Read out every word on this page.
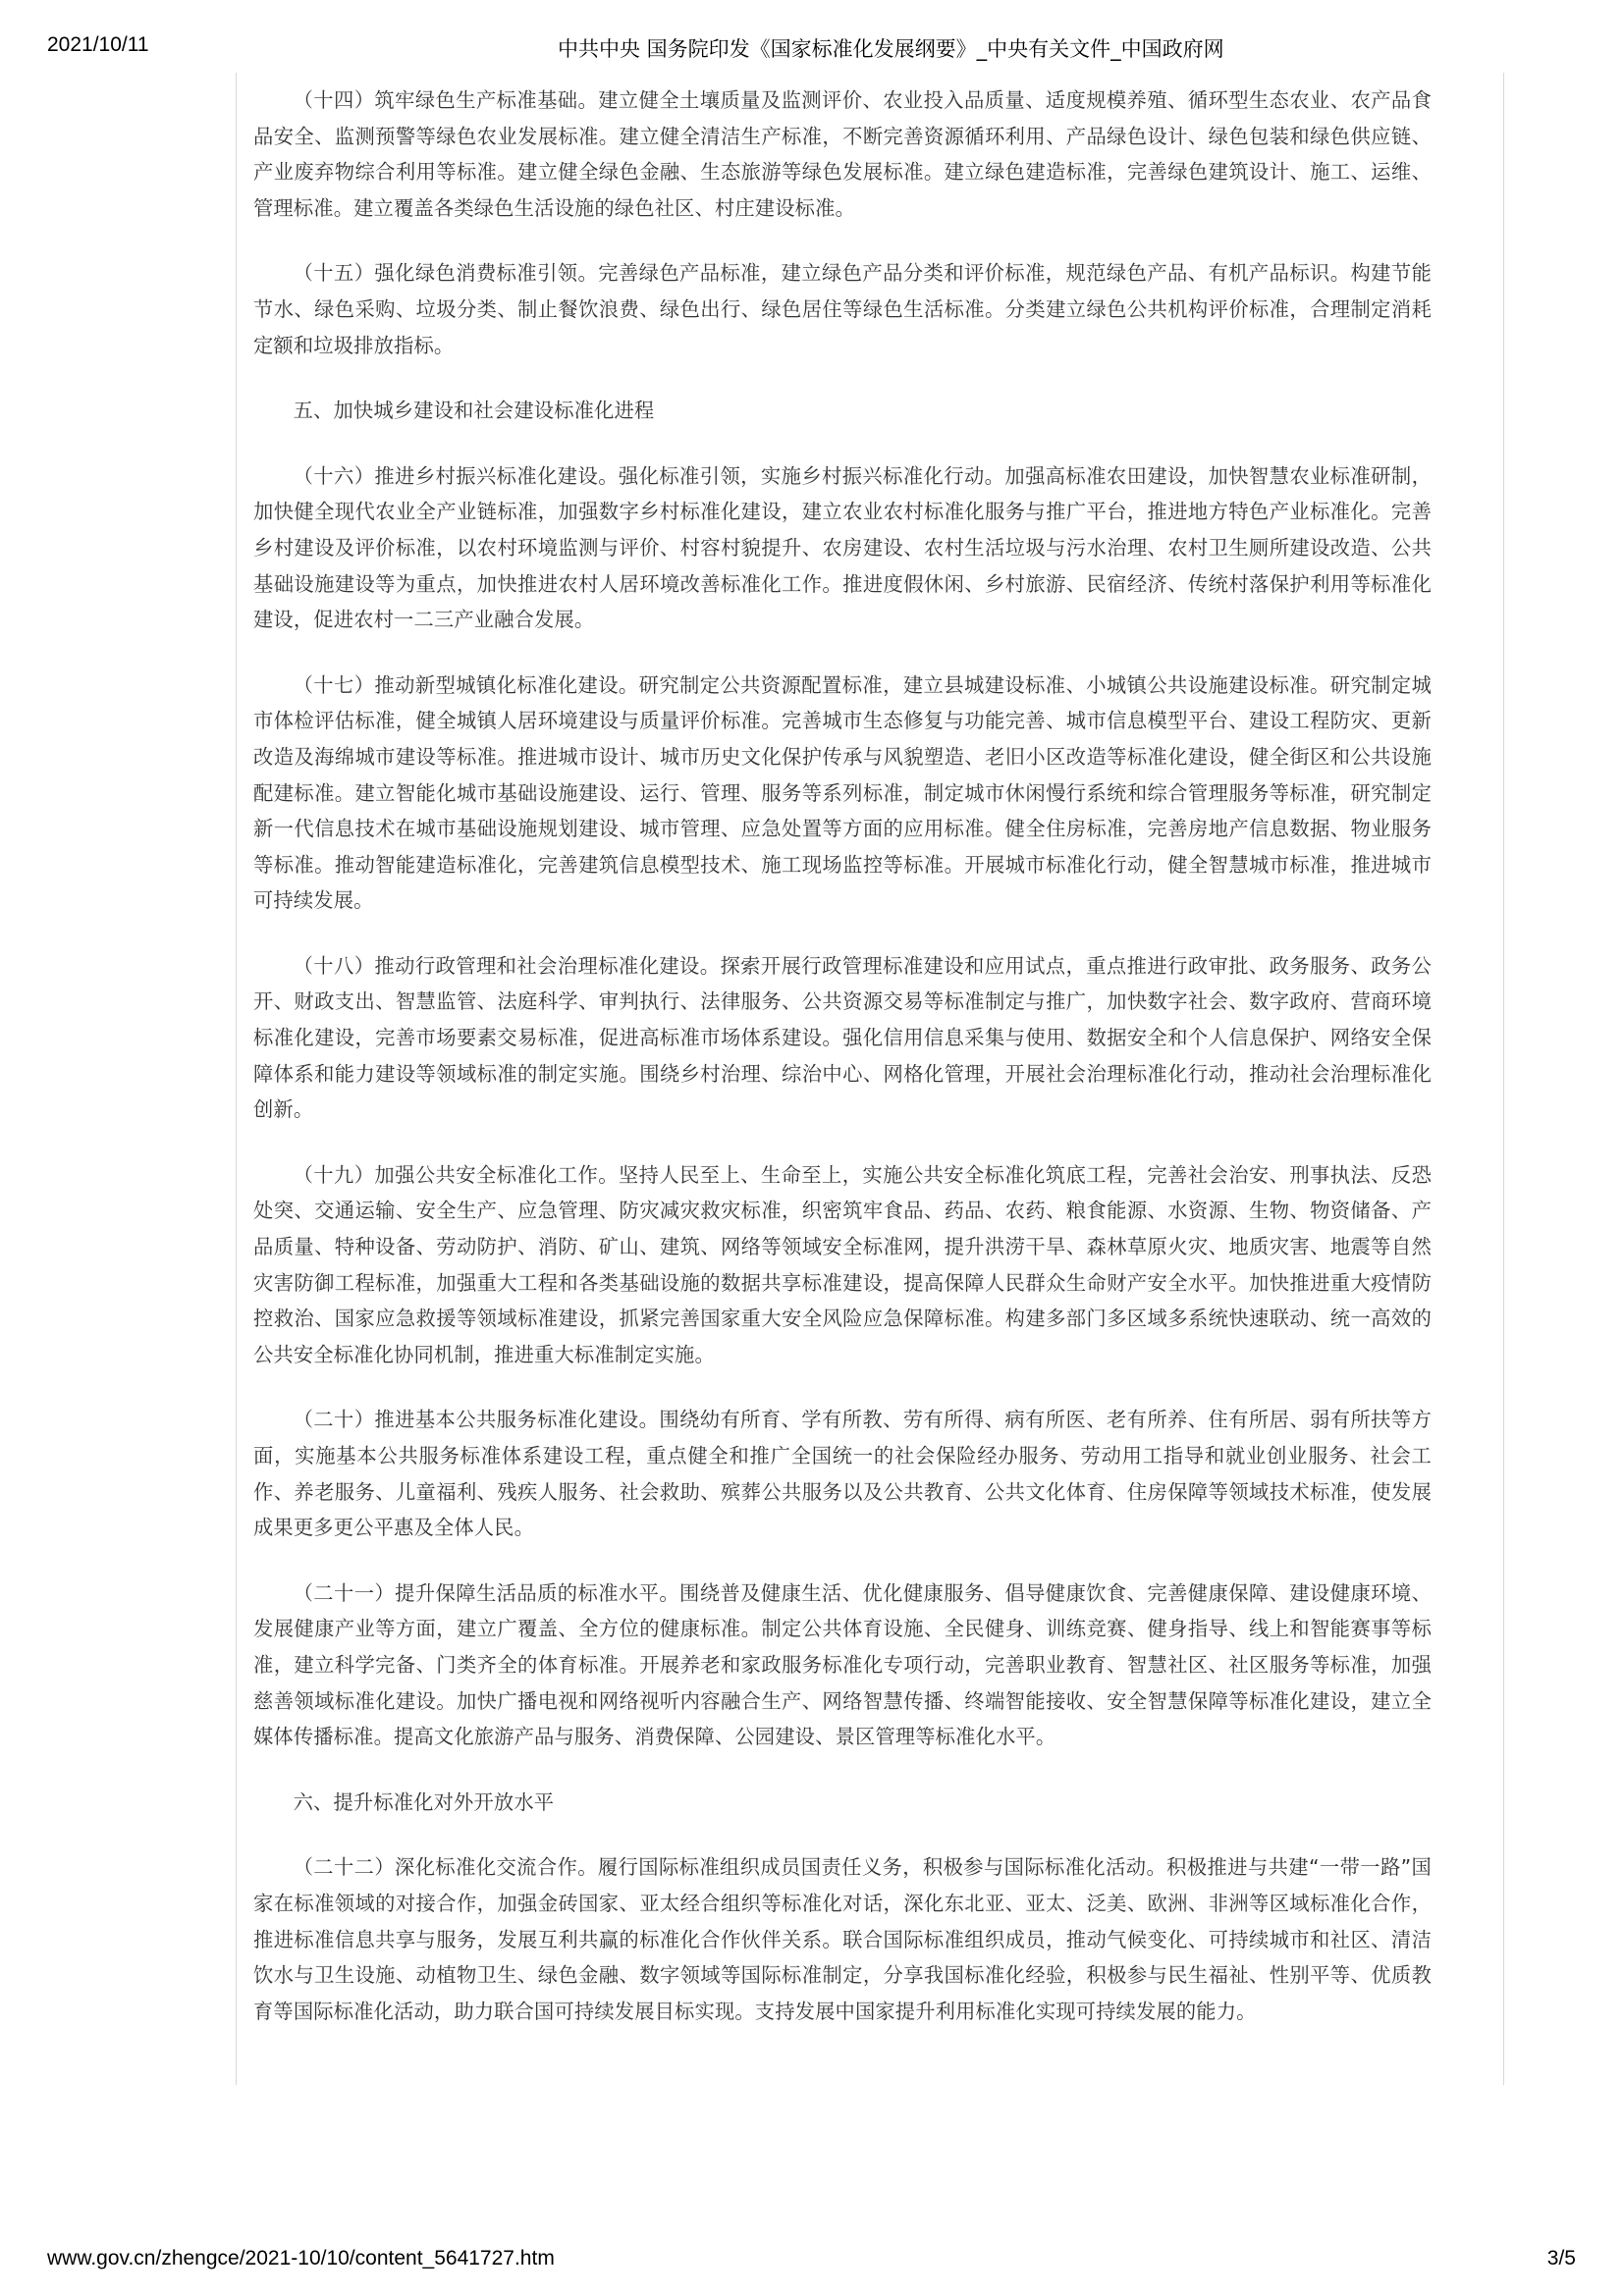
2021/10/11	中共中央 国务院印发《国家标准化发展纲要》_中央有关文件_中国政府网

（十四）筑牢绿色生产标准基础。建立健全土壤质量及监测评价、农业投入品质量、适度规模养殖、循环型生态农业、农产品食品安全、监测预警等绿色农业发展标准。建立健全清洁生产标准，不断完善资源循环利用、产品绿色设计、绿色包装和绿色供应链、产业废弃物综合利用等标准。建立健全绿色金融、生态旅游等绿色发展标准。建立绿色建造标准，完善绿色建筑设计、施工、运维、管理标准。建立覆盖各类绿色生活设施的绿色社区、村庄建设标准。

（十五）强化绿色消费标准引领。完善绿色产品标准，建立绿色产品分类和评价标准，规范绿色产品、有机产品标识。构建节能节水、绿色采购、垃圾分类、制止餐饮浪费、绿色出行、绿色居住等绿色生活标准。分类建立绿色公共机构评价标准，合理制定消耗定额和垃圾排放指标。

五、加快城乡建设和社会建设标准化进程

（十六）推进乡村振兴标准化建设。强化标准引领，实施乡村振兴标准化行动。加强高标准农田建设，加快智慧农业标准研制，加快健全现代农业全产业链标准，加强数字乡村标准化建设，建立农业农村标准化服务与推广平台，推进地方特色产业标准化。完善乡村建设及评价标准，以农村环境监测与评价、村容村貌提升、农房建设、农村生活垃圾与污水治理、农村卫生厕所建设改造、公共基础设施建设等为重点，加快推进农村人居环境改善标准化工作。推进度假休闲、乡村旅游、民宿经济、传统村落保护利用等标准化建设，促进农村一二三产业融合发展。

（十七）推动新型城镇化标准化建设。研究制定公共资源配置标准，建立县城建设标准、小城镇公共设施建设标准。研究制定城市体检评估标准，健全城镇人居环境建设与质量评价标准。完善城市生态修复与功能完善、城市信息模型平台、建设工程防灾、更新改造及海绵城市建设等标准。推进城市设计、城市历史文化保护传承与风貌塑造、老旧小区改造等标准化建设，健全街区和公共设施配建标准。建立智能化城市基础设施建设、运行、管理、服务等系列标准，制定城市休闲慢行系统和综合管理服务等标准，研究制定新一代信息技术在城市基础设施规划建设、城市管理、应急处置等方面的应用标准。健全住房标准，完善房地产信息数据、物业服务等标准。推动智能建造标准化，完善建筑信息模型技术、施工现场监控等标准。开展城市标准化行动，健全智慧城市标准，推进城市可持续发展。

（十八）推动行政管理和社会治理标准化建设。探索开展行政管理标准建设和应用试点，重点推进行政审批、政务服务、政务公开、财政支出、智慧监管、法庭科学、审判执行、法律服务、公共资源交易等标准制定与推广，加快数字社会、数字政府、营商环境标准化建设，完善市场要素交易标准，促进高标准市场体系建设。强化信用信息采集与使用、数据安全和个人信息保护、网络安全保障体系和能力建设等领域标准的制定实施。围绕乡村治理、综治中心、网格化管理，开展社会治理标准化行动，推动社会治理标准化创新。

（十九）加强公共安全标准化工作。坚持人民至上、生命至上，实施公共安全标准化筑底工程，完善社会治安、刑事执法、反恐处突、交通运输、安全生产、应急管理、防灾减灾救灾标准，织密筑牢食品、药品、农药、粮食能源、水资源、生物、物资储备、产品质量、特种设备、劳动防护、消防、矿山、建筑、网络等领域安全标准网，提升洪涝干旱、森林草原火灾、地质灾害、地震等自然灾害防御工程标准，加强重大工程和各类基础设施的数据共享标准建设，提高保障人民群众生命财产安全水平。加快推进重大疫情防控救治、国家应急救援等领域标准建设，抓紧完善国家重大安全风险应急保障标准。构建多部门多区域多系统快速联动、统一高效的公共安全标准化协同机制，推进重大标准制定实施。

（二十）推进基本公共服务标准化建设。围绕幼有所育、学有所教、劳有所得、病有所医、老有所养、住有所居、弱有所扶等方面，实施基本公共服务标准体系建设工程，重点健全和推广全国统一的社会保险经办服务、劳动用工指导和就业创业服务、社会工作、养老服务、儿童福利、残疾人服务、社会救助、殡葬公共服务以及公共教育、公共文化体育、住房保障等领域技术标准，使发展成果更多更公平惠及全体人民。

（二十一）提升保障生活品质的标准水平。围绕普及健康生活、优化健康服务、倡导健康饮食、完善健康保障、建设健康环境、发展健康产业等方面，建立广覆盖、全方位的健康标准。制定公共体育设施、全民健身、训练竞赛、健身指导、线上和智能赛事等标准，建立科学完备、门类齐全的体育标准。开展养老和家政服务标准化专项行动，完善职业教育、智慧社区、社区服务等标准，加强慈善领域标准化建设。加快广播电视和网络视听内容融合生产、网络智慧传播、终端智能接收、安全智慧保障等标准化建设，建立全媒体传播标准。提高文化旅游产品与服务、消费保障、公园建设、景区管理等标准化水平。

六、提升标准化对外开放水平

（二十二）深化标准化交流合作。履行国际标准组织成员国责任义务，积极参与国际标准化活动。积极推进与共建“一带一路”国家在标准领域的对接合作，加强金砖国家、亚太经合组织等标准化对话，深化东北亚、亚太、泛美、欧洲、非洲等区域标准化合作，推进标准信息共享与服务，发展互利共赢的标准化合作伙伴关系。联合国际标准组织成员，推动气候变化、可持续城市和社区、清洁饮水与卫生设施、动植物卫生、绿色金融、数字领域等国际标准制定，分享我国标准化经验，积极参与民生福祉、性别平等、优质教育等国际标准化活动，助力联合国可持续发展目标实现。支持发展中国家提升利用标准化实现可持续发展的能力。

www.gov.cn/zhengce/2021-10/10/content_5641727.htm	3/5
